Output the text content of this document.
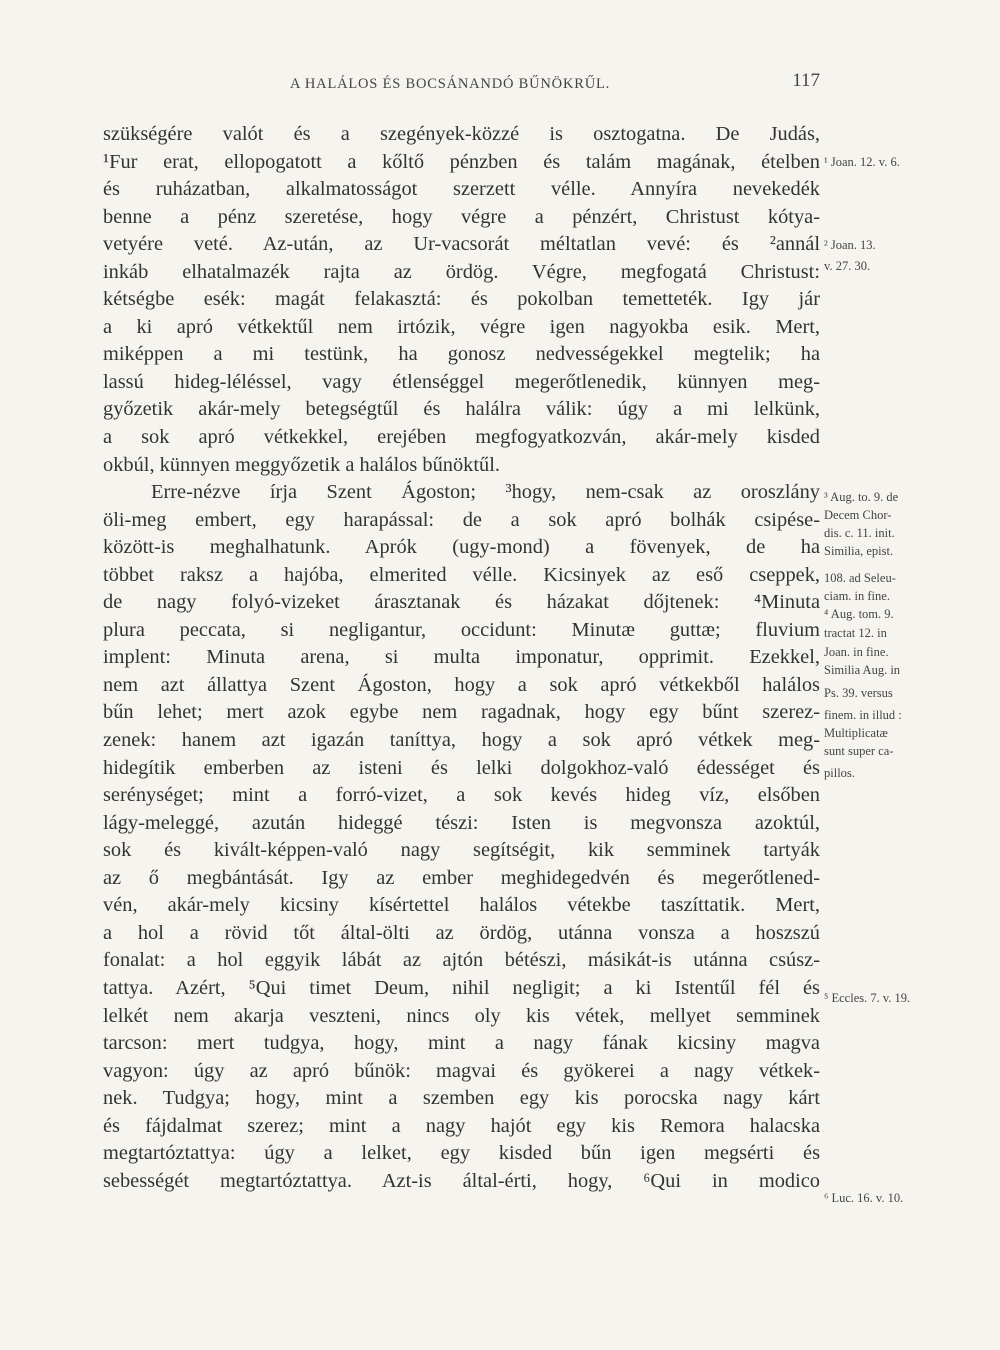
A HALÁLOS ÉS BOCSÁNANDÓ BŰNÖKRŰL.	117
szükségére valót és a szegények-közzé is osztogatna. De Judás,
¹Fur erat, ellopogatott a kőltő pénzben és talám magának, ételben
és ruházatban, alkalmatosságot szerzett vélle. Annyíra nevekedék
benne a pénz szeretése, hogy végre a pénzért, Christust kótya-
vetyére veté. Az-után, az Ur-vacsorát méltatlan vevé: és ²annál
inkáb elhatalmazék rajta az ördög. Végre, megfogatá Christust:
kétségbe esék: magát felakasztá: és pokolban temetteték. Igy jár
a ki apró vétkektűl nem irtózik, végre igen nagyokba esik. Mert,
miképpen a mi testünk, ha gonosz nedvességekkel megtelik; ha
lassú hideg-léléssel, vagy étlenséggel megerőtlenedik, künnyen meg-
győzetik akár-mely betegségtűl és halálra válik: úgy a mi lelkünk,
a sok apró vétkekkel, erejében megfogyatkozván, akár-mely kisded
okbúl, künnyen meggyőzetik a halálos bűnöktűl.
Erre-nézve írja Szent Ágoston; ³hogy, nem-csak az oroszlány
öli-meg embert, egy harapással: de a sok apró bolhák csipése-
között-is meghalhatunk. Aprók (ugy-mond) a fövenyek, de ha
többet raksz a hajóba, elmerited vélle. Kicsinyek az eső cseppek,
de nagy folyó-vizeket árasztanak és házakat dőjtenek: ⁴Minuta
plura peccata, si negligantur, occidunt: Minutæ guttæ; fluvium
implent: Minuta arena, si multa imponatur, opprimit. Ezekkel,
nem azt állattya Szent Ágoston, hogy a sok apró vétkekből halálos
bűn lehet; mert azok egybe nem ragadnak, hogy egy bűnt szerez-
zenek: hanem azt igazán taníttya, hogy a sok apró vétkek meg-
hidegítik emberben az isteni és lelki dolgokhoz-való édességet és
serénységet; mint a forró-vizet, a sok kevés hideg víz, elsőben
lágy-meleggé, azután hideggé tészi: Isten is megvonsza azoktúl,
sok és kivált-képpen-való nagy segítségit, kik semminek tartyák
az ő megbántását. Igy az ember meghidegedvén és megerőtlened-
vén, akár-mely kicsiny kísértettel halálos vétekbe taszíttatik. Mert,
a hol a rövid tőt által-ölti az ördög, utánna vonsza a hoszszú
fonalat: a hol eggyik lábát az ajtón bétészi, másikát-is utánna csúsz-
tattya. Azért, ⁵Qui timet Deum, nihil negligit; a ki Istentűl fél és
lelkét nem akarja veszteni, nincs oly kis vétek, mellyet semminek
tarcson: mert tudgya, hogy, mint a nagy fának kicsiny magva
vagyon: úgy az apró bűnök: magvai és gyökerei a nagy vétkek-
nek. Tudgya; hogy, mint a szemben egy kis porocska nagy kárt
és fájdalmat szerez; mint a nagy hajót egy kis Remora halacska
megtartóztattya: úgy a lelket, egy kisded bűn igen megsérti és
sebességét megtartóztattya. Azt-is által-érti, hogy, ⁶Qui in modico
¹ Joan. 12. v. 6.
² Joan. 13.
v. 27. 30.
³ Aug. to. 9. de
Decem Chor-
dis. c. 11. init.
Similia, epist.
108. ad Seleu-
ciam. in fine.
⁴ Aug. tom. 9.
tractat 12. in
Joan. in fine.
Similia Aug. in
Ps. 39. versus
finem. in illud :
Multiplicatæ
sunt super ca-
pillos.
⁵ Eccles. 7. v. 19.
⁶ Luc. 16. v. 10.
